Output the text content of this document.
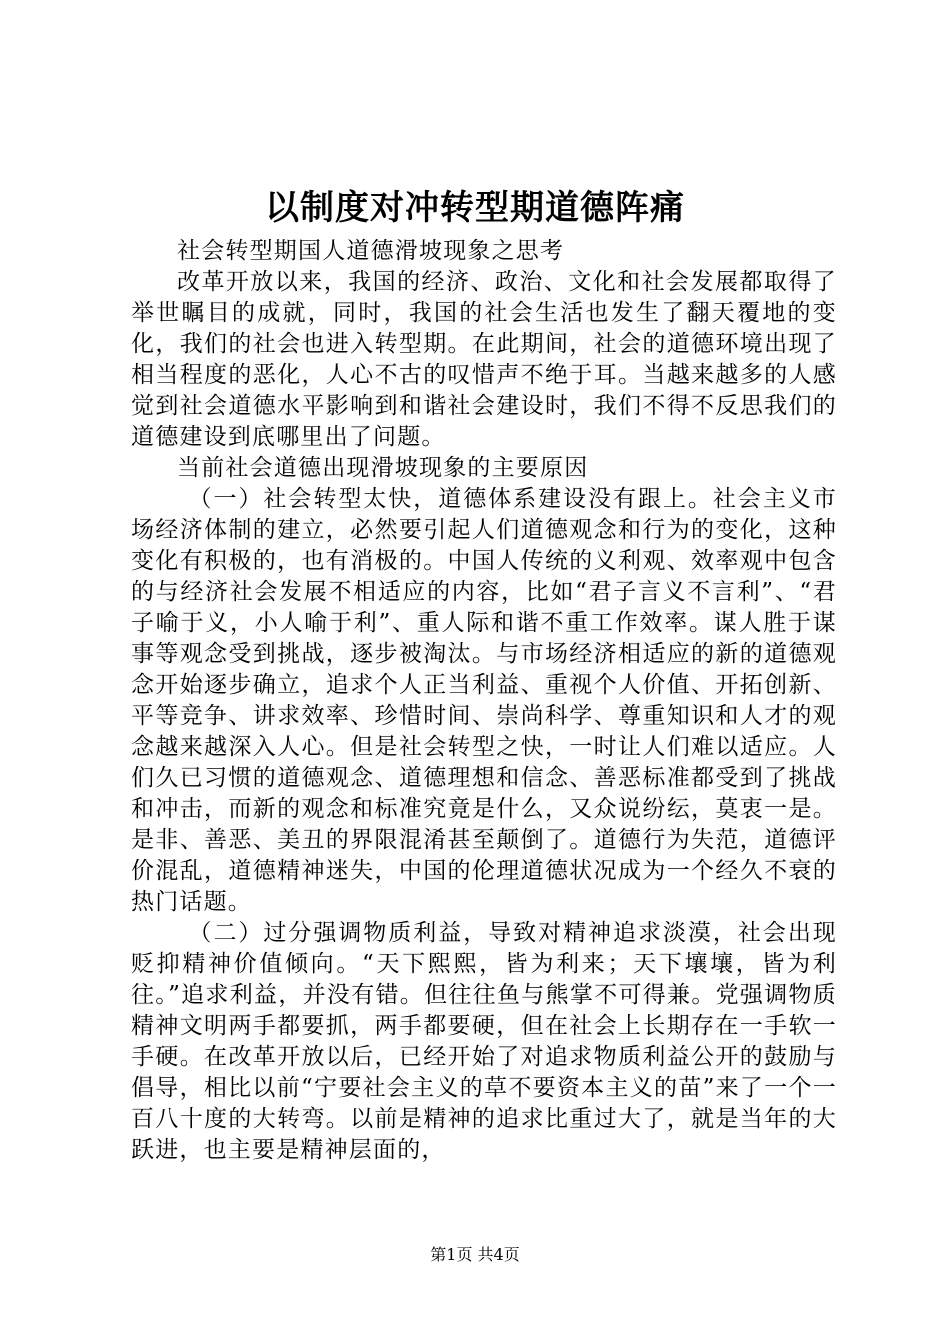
以制度对冲转型期道德阵痛

社会转型期国人道德滑坡现象之思考

改革开放以来，我国的经济、政治、文化和社会发展都取得了举世瞩目的成就，同时，我国的社会生活也发生了翻天覆地的变化，我们的社会也进入转型期。在此期间，社会的道德环境出现了相当程度的恶化，人心不古的叹惜声不绝于耳。当越来越多的人感觉到社会道德水平影响到和谐社会建设时，我们不得不反思我们的道德建设到底哪里出了问题。

当前社会道德出现滑坡现象的主要原因

（一）社会转型太快，道德体系建设没有跟上。社会主义市场经济体制的建立，必然要引起人们道德观念和行为的变化，这种变化有积极的，也有消极的。中国人传统的义利观、效率观中包含的与经济社会发展不相适应的内容，比如“君子言义不言利”、“君子喻于义，小人喻于利”、重人际和谐不重工作效率。谋人胜于谋事等观念受到挑战，逐步被淘汰。与市场经济相适应的新的道德观念开始逐步确立，追求个人正当利益、重视个人价值、开拓创新、平等竞争、讲求效率、珍惜时间、崇尚科学、尊重知识和人才的观念越来越深入人心。但是社会转型之快，一时让人们难以适应。人们久已习惯的道德观念、道德理想和信念、善恶标准都受到了挑战和冲击，而新的观念和标准究竟是什么，又众说纷纭，莫衷一是。是非、善恶、美丑的界限混淆甚至颠倒了。道德行为失范，道德评价混乱，道德精神迷失，中国的伦理道德状况成为一个经久不衰的热门话题。

（二）过分强调物质利益，导致对精神追求淡漠，社会出现贬抑精神价值倾向。“天下熙熙，皆为利来；天下壤壤，皆为利往。”追求利益，并没有错。但往往鱼与熊掌不可得兼。党强调物质精神文明两手都要抓，两手都要硬，但在社会上长期存在一手软一手硬。在改革开放以后，已经开始了对追求物质利益公开的鼓励与倡导，相比以前“宁要社会主义的草不要资本主义的苗”来了一个一百八十度的大转弯。以前是精神的追求比重过大了，就是当年的大跃进，也主要是精神层面的，

第1页 共4页
